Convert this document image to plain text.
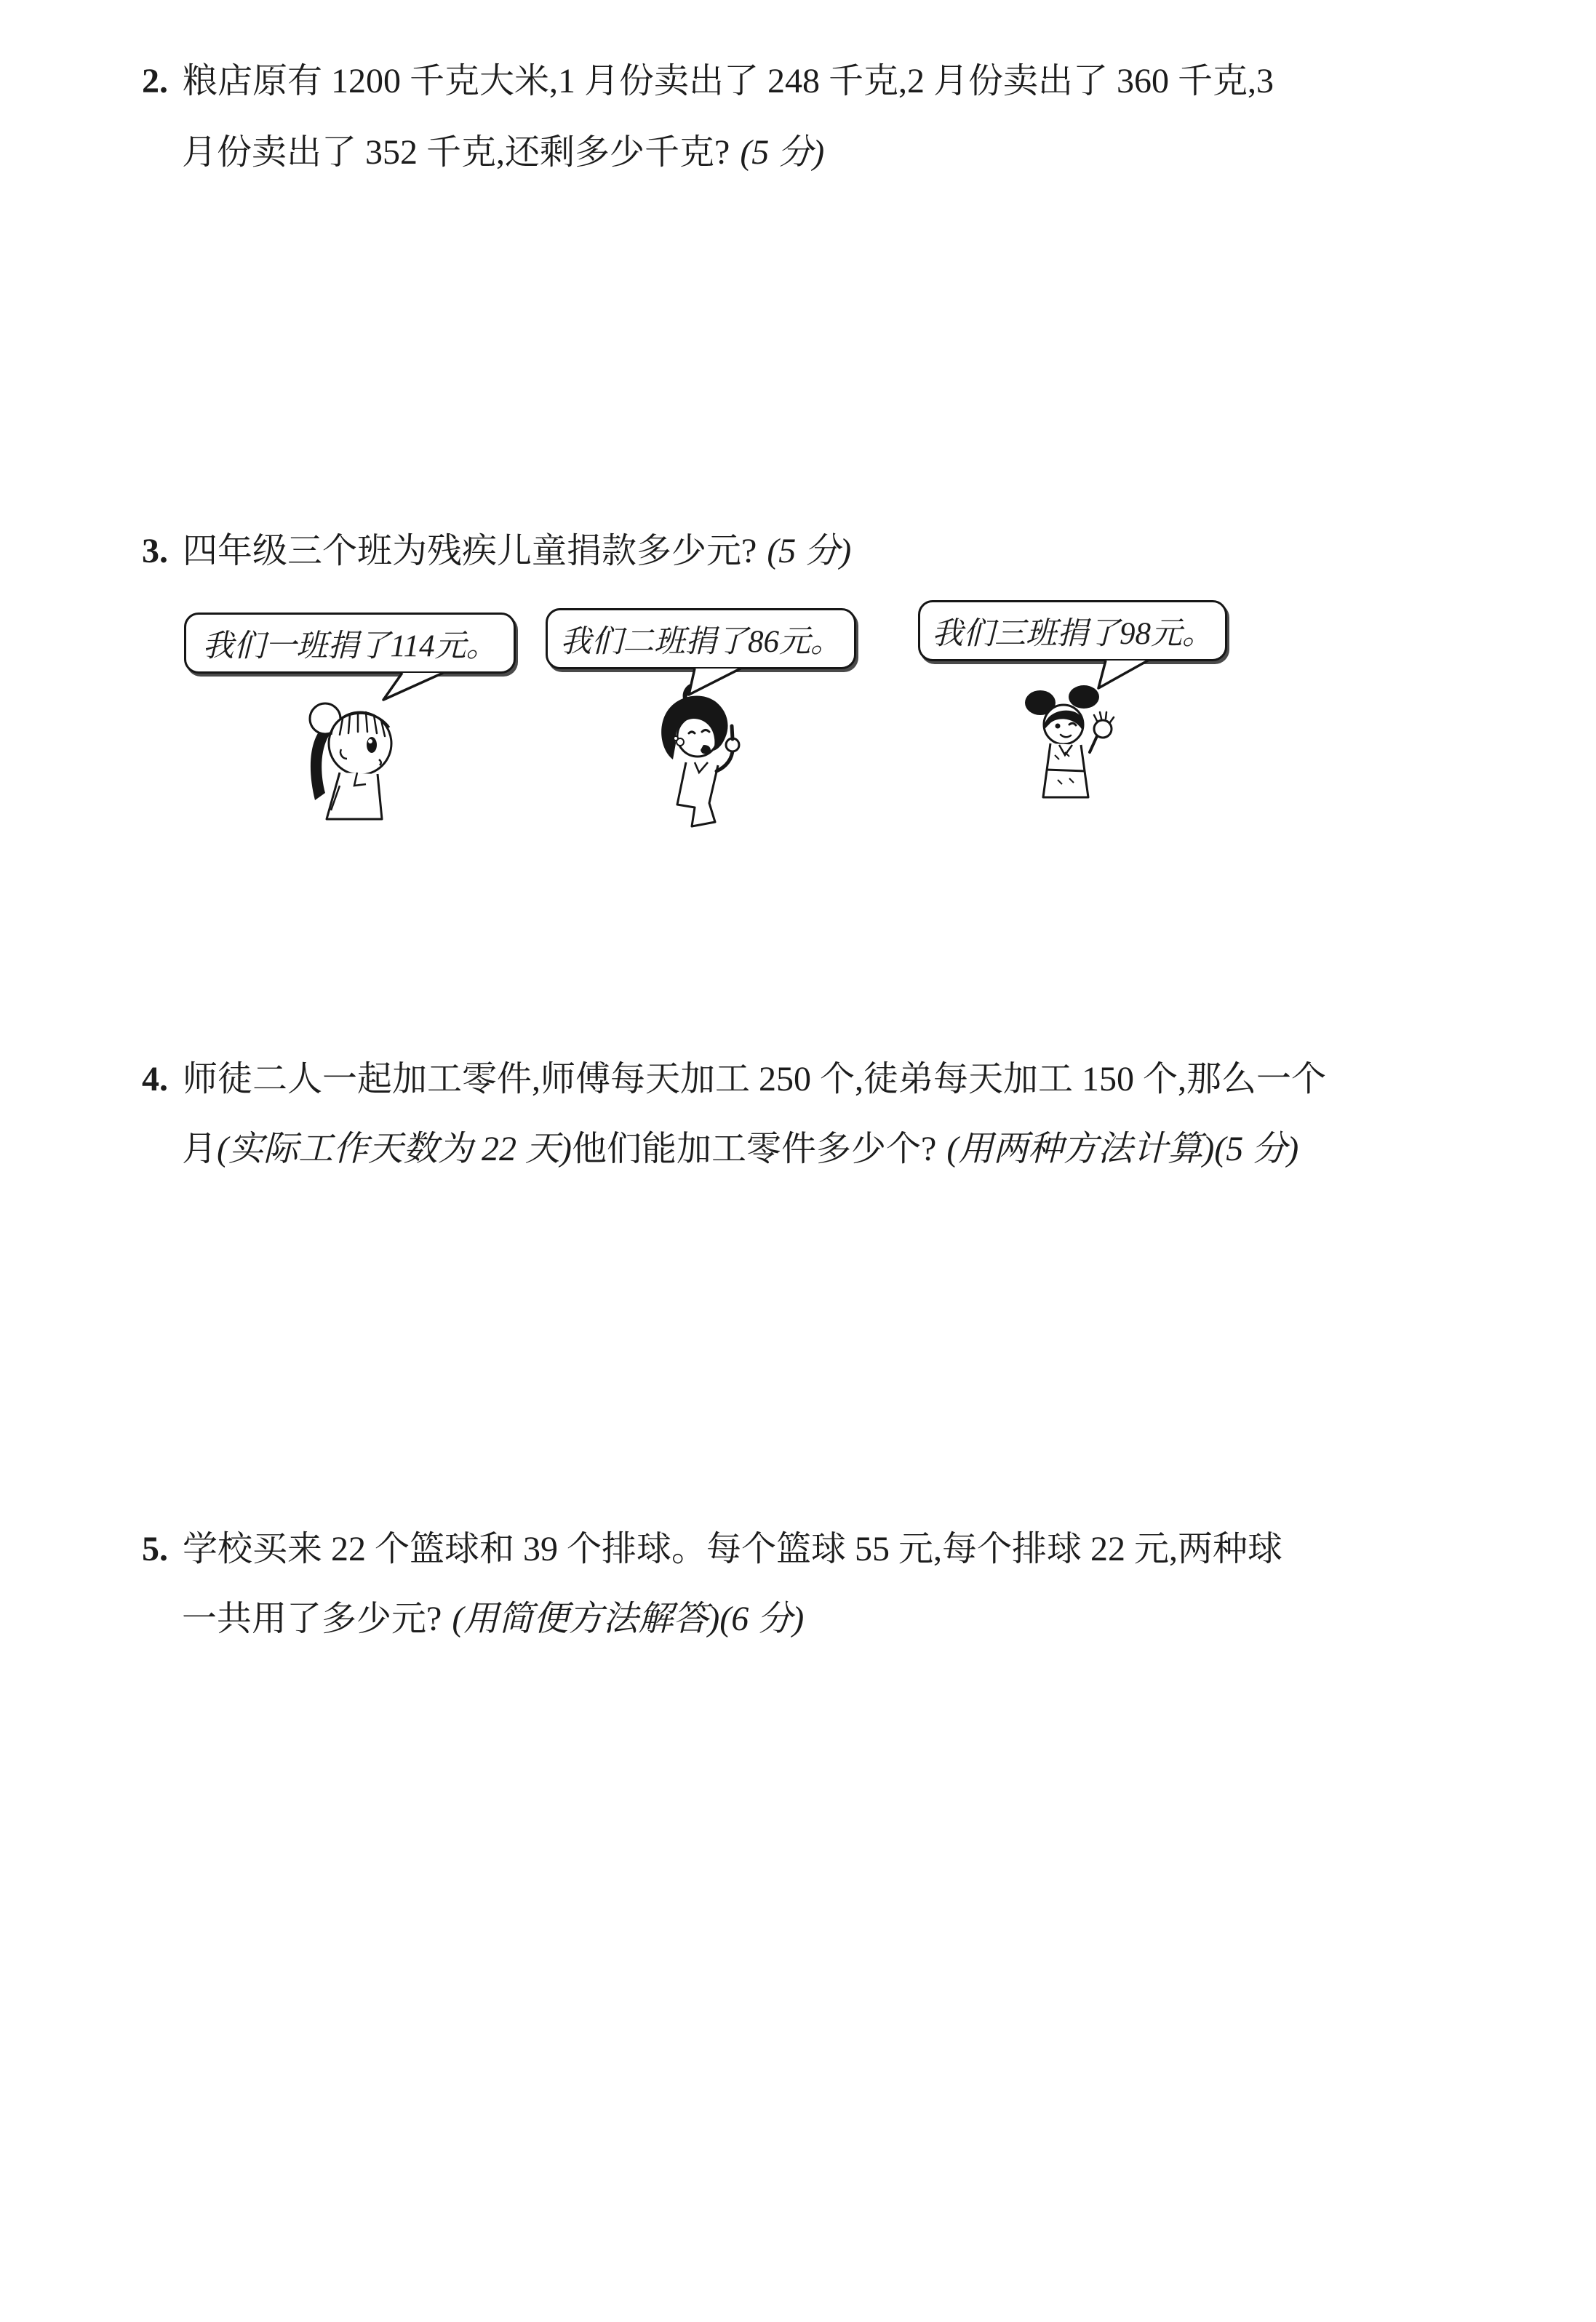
2. 粮店原有 1200 千克大米,1 月份卖出了 248 千克,2 月份卖出了 360 千克,3
月份卖出了 352 千克,还剩多少千克? (5 分)
3. 四年级三个班为残疾儿童捐款多少元? (5 分)
我们一班捐了114元。 我们二班捐了86元。	我们三班捐了98元。
4. 师徒二人一起加工零件,师傅每天加工 250 个,徒弟每天加工 150 个,那么一个
月(实际工作天数为 22 天)他们能加工零件多少个? (用两种方法计算)(5 分)
5. 学校买来 22 个篮球和 39 个排球。每个篮球 55 元,每个排球 22 元,两种球
一共用了多少元? (用简便方法解答)(6 分)
